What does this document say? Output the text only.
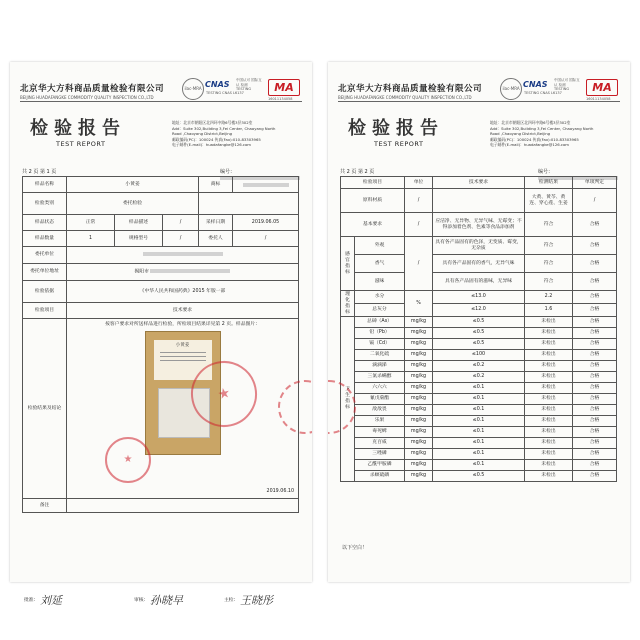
北京华大方科商品质量检验有限公司
BEIJING HUADAFANGKE COMMODITY QUALITY INSPECTION CO.,LTD
ilac-MRA CNAS
TESTING CNAS L6137
中国认可 国际互认 检测 TESTING	MA
16011134058
检验报告
TEST REPORT
地址：北京市朝阳区北四环中路6号楼3层302室
Add：Suite 302,Building 3,Fei Center, Chaoyang North
Road ,Chaoyang District,Beijing
邮政编码(PC)：100024 传真(Fax):010-83303965
电子邮件(E-mail)：huadafangke@126.com
共 2 页 第 1 页	编号：
样品名称	小黄姜			商标	

检验类别	委托检验				
样品状态	正常	样品描述	/	采样日期	2019.06.05
样品数量	1	规格型号	/	委托人	/
委托单位					
委托单位地址	揭阳市				
检验依据	《中华人民共和国药典》2015 年版一部				
检验项目	技术要求				
检验结果及结论	按客户要求对所送样品进行检验，所检项目结果详见第 2 页。样品图片：
小黄姜
2019.06.10
★
★				

备注					
北京华大方科商品质量检验有限公司
BEIJING HUADAFANGKE COMMODITY QUALITY INSPECTION CO.,LTD
ilac-MRA CNAS
TESTING CNAS L6137
中国认可 国际互认 检测 TESTING	MA
16011134058
检验报告
TEST REPORT
地址：北京市朝阳区北四环中路6号楼3层302室
Add：Suite 302,Building 3,Fei Center, Chaoyang North
Road ,Chaoyang District,Beijing
邮政编码(PC)：100024 传真(Fax):010-83303965
电子邮件(E-mail)：huadafangke@126.com
共 2 页 第 2 页	编号：
检验项目		单位	技术要求	检测结果	单项判定
原料材质		/		大黄、黄芩、黄连、穿心莲、生姜	/
基本要求		/	应洁净、无异物、无异气味、无霉变；不得添加着色剂、色素等食品添加剂	符合	合格
感官指标	外观	/	具有各产品固有的色泽，无变质、霉变，无杂质	符合	合格
	香气		具有各产品固有的香气，无异气味	符合	合格
	滋味		具有各产品固有的滋味，无异味	符合	合格
理化指标	水分	%	≤13.0	2.2	合格
	总灰分		≤12.0	1.6	合格
卫生指标	总砷（As）	mg/kg	≤0.5	未检出	合格
	铅（Pb）	mg/kg	≤0.5	未检出	合格
	镉（Cd）	mg/kg	≤0.5	未检出	合格
	二氧化硫	mg/kg	≤100	未检出	合格
	滴滴涕	mg/kg	≤0.2	未检出	合格
	三氯杀螨醇	mg/kg	≤0.2	未检出	合格
	六六六	mg/kg	≤0.1	未检出	合格
	氰戊菊酯	mg/kg	≤0.1	未检出	合格
	敌敌畏	mg/kg	≤0.1	未检出	合格
	乐果	mg/kg	≤0.1	未检出	合格
	毒死蜱	mg/kg	≤0.1	未检出	合格
	克百威	mg/kg	≤0.1	未检出	合格
	三唑磷	mg/kg	≤0.1	未检出	合格
	乙酰甲胺磷	mg/kg	≤0.1	未检出	合格
	杀螟硫磷	mg/kg	≤0.5	未检出	合格
以下空白！
批准： 刘延	审核： 孙晓早	主检： 王晓彤
